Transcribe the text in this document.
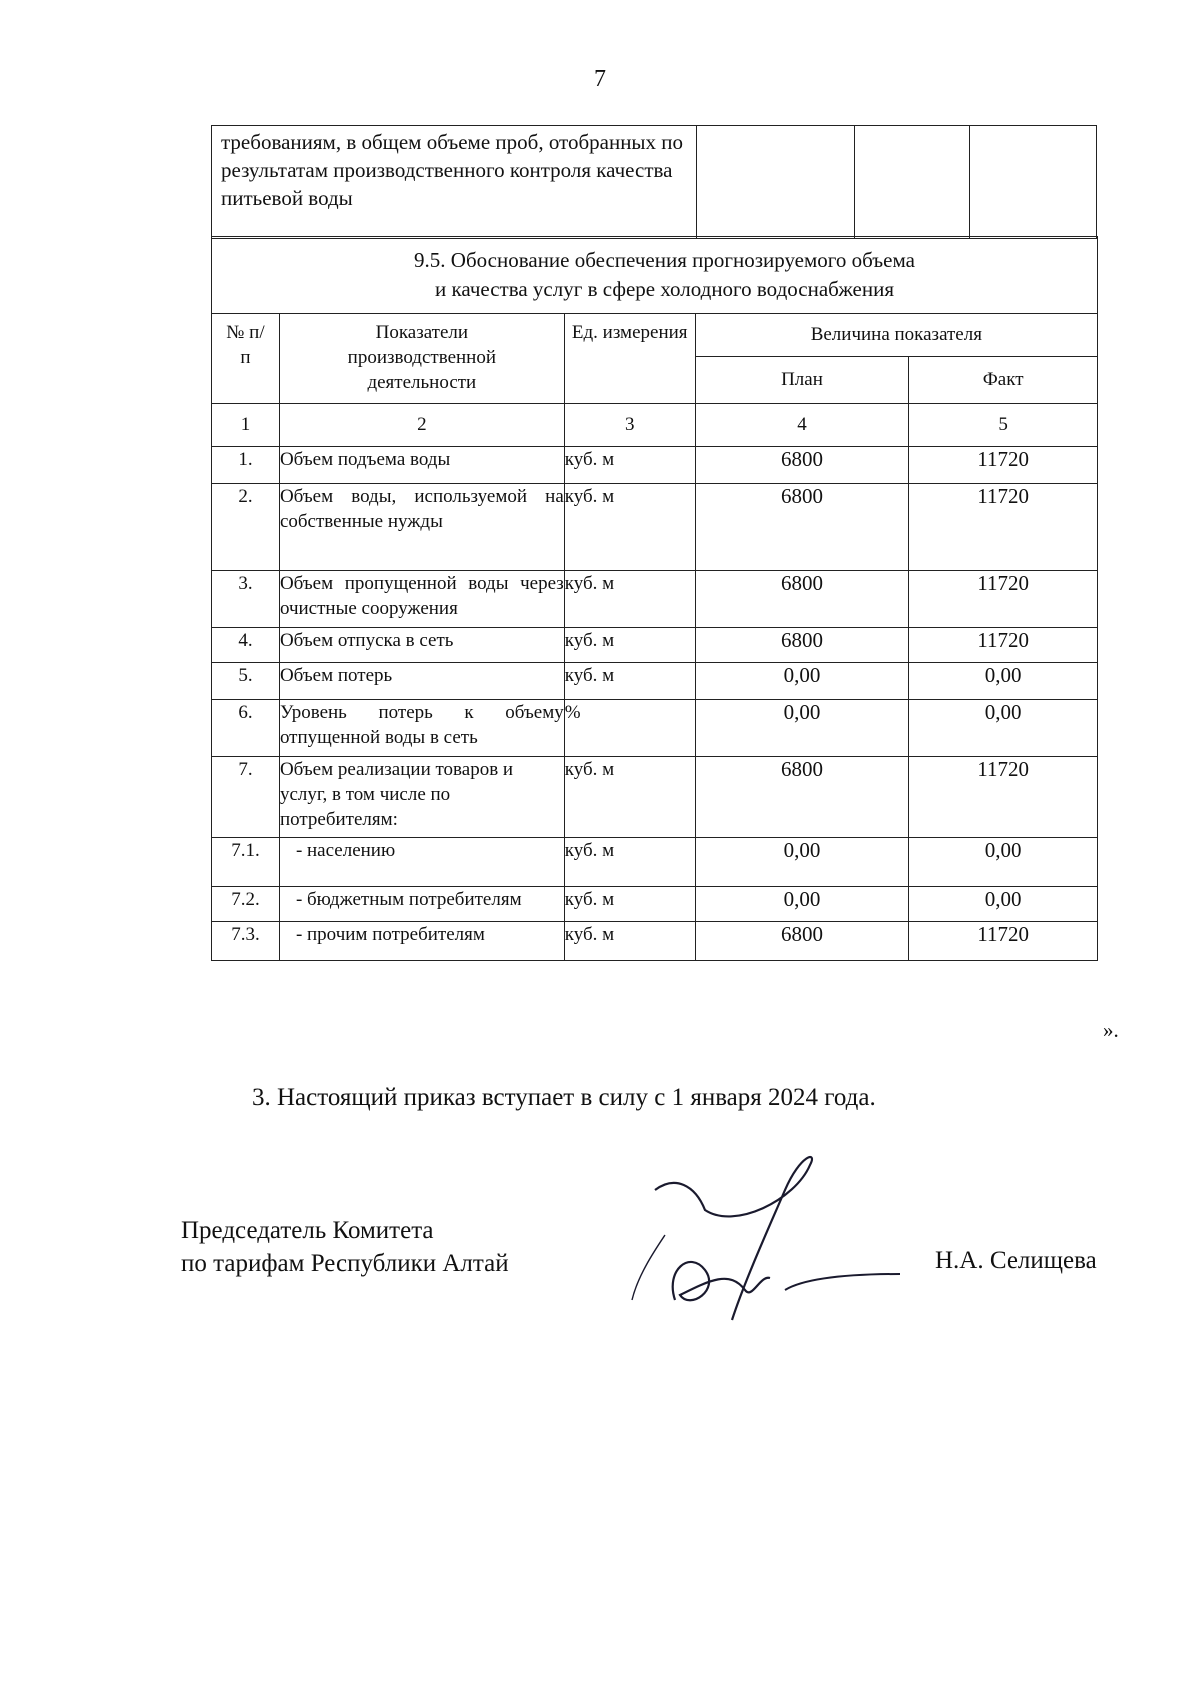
7
требованиям, в общем объеме проб, отобранных по результатам производственного контроля качества питьевой воды			
9.5. Обоснование обеспечения прогнозируемого объема
и качества услуг в сфере холодного водоснабжения				

№ п/п	Показатели производственной деятельности	Ед. измерения	Величина показателя	
			План	Факт
1	2	3	4	5
1.	Объем подъема воды	куб. м	6800	11720
2.	Объем воды, используемой на собственные нужды	куб. м	6800	11720
3.	Объем пропущенной воды через очистные сооружения	куб. м	6800	11720
4.	Объем отпуска в сеть	куб. м	6800	11720
5.	Объем потерь	куб. м	0,00	0,00
6.	Уровень потерь к объему отпущенной воды в сеть	%	0,00	0,00
7.	Объем реализации товаров и услуг, в том числе по потребителям:	куб. м	6800	11720
7.1.	- населению	куб. м	0,00	0,00
7.2.	- бюджетным потребителям	куб. м	0,00	0,00
7.3.	- прочим потребителям	куб. м	6800	11720
».
3. Настоящий приказ вступает в силу с 1 января 2024 года.
Председатель Комитета
по тарифам Республики Алтай	Н.А. Селищева
